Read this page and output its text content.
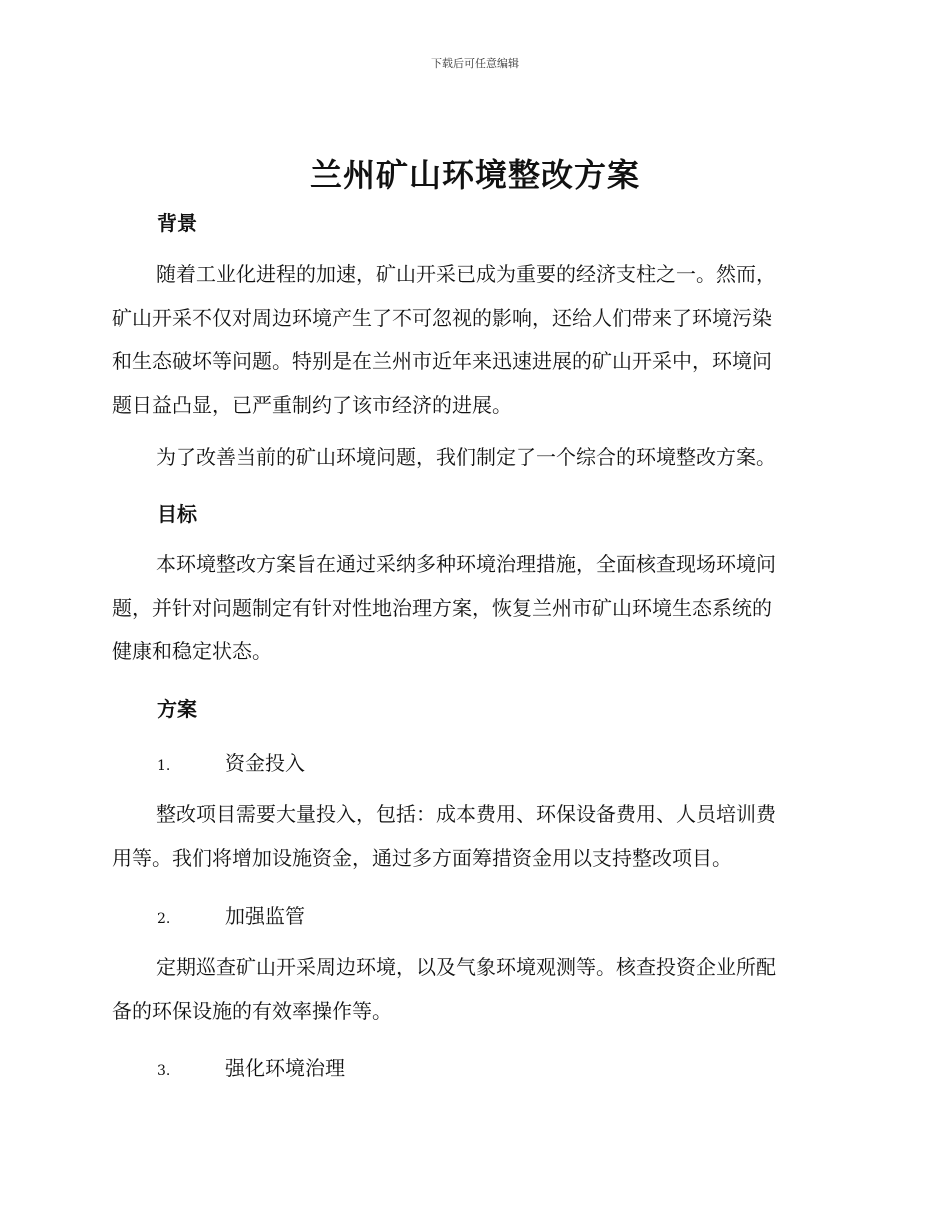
下载后可任意编辑
兰州矿山环境整改方案
背景
随着工业化进程的加速，矿山开采已成为重要的经济支柱之一。然而，
矿山开采不仅对周边环境产生了不可忽视的影响，还给人们带来了环境污染
和生态破坏等问题。特别是在兰州市近年来迅速进展的矿山开采中，环境问
题日益凸显，已严重制约了该市经济的进展。
为了改善当前的矿山环境问题，我们制定了一个综合的环境整改方案。
目标
本环境整改方案旨在通过采纳多种环境治理措施，全面核查现场环境问
题，并针对问题制定有针对性地治理方案，恢复兰州市矿山环境生态系统的
健康和稳定状态。
方案
1.	资金投入
整改项目需要大量投入，包括：成本费用、环保设备费用、人员培训费
用等。我们将增加设施资金，通过多方面筹措资金用以支持整改项目。
2.	加强监管
定期巡查矿山开采周边环境，以及气象环境观测等。核查投资企业所配
备的环保设施的有效率操作等。
3.	强化环境治理
